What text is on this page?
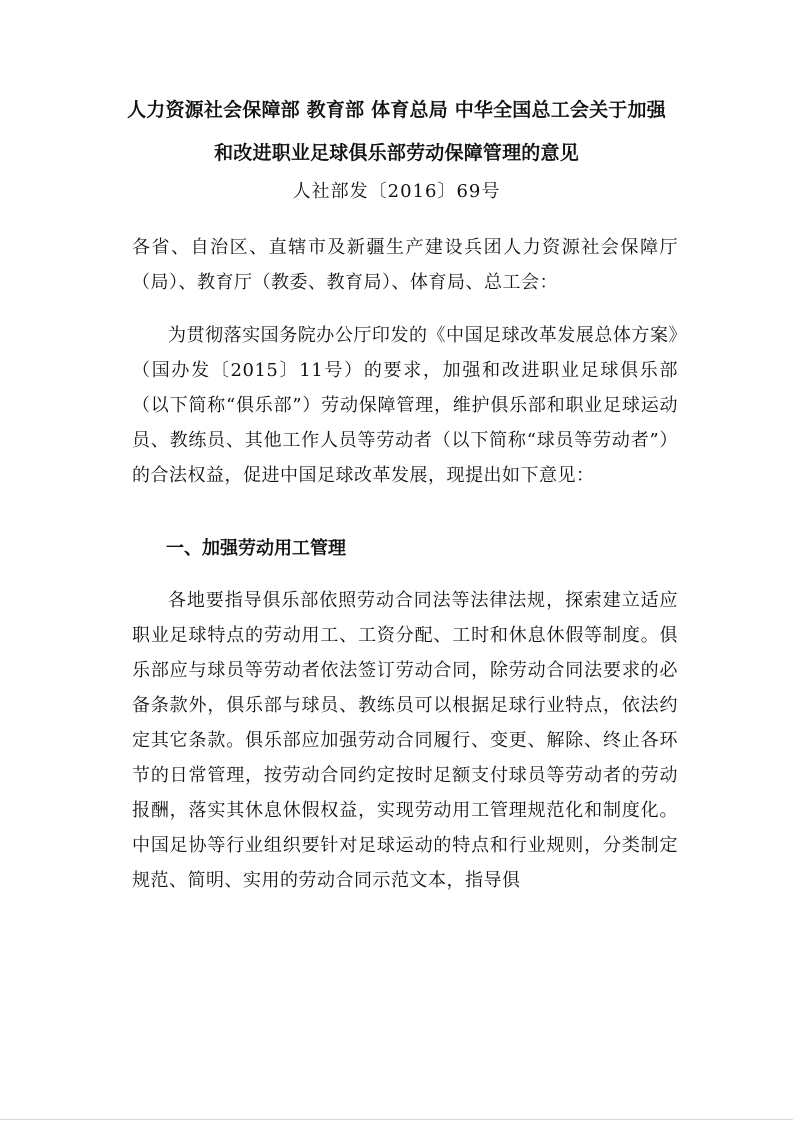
人力资源社会保障部 教育部 体育总局 中华全国总工会关于加强
和改进职业足球俱乐部劳动保障管理的意见
人社部发〔2016〕69号
各省、自治区、直辖市及新疆生产建设兵团人力资源社会保障厅（局）、教育厅（教委、教育局）、体育局、总工会：
为贯彻落实国务院办公厅印发的《中国足球改革发展总体方案》（国办发〔2015〕11号）的要求，加强和改进职业足球俱乐部（以下简称“俱乐部”）劳动保障管理，维护俱乐部和职业足球运动员、教练员、其他工作人员等劳动者（以下简称“球员等劳动者”）的合法权益，促进中国足球改革发展，现提出如下意见：
一、加强劳动用工管理
各地要指导俱乐部依照劳动合同法等法律法规，探索建立适应职业足球特点的劳动用工、工资分配、工时和休息休假等制度。俱乐部应与球员等劳动者依法签订劳动合同，除劳动合同法要求的必备条款外，俱乐部与球员、教练员可以根据足球行业特点，依法约定其它条款。俱乐部应加强劳动合同履行、变更、解除、终止各环节的日常管理，按劳动合同约定按时足额支付球员等劳动者的劳动报酬，落实其休息休假权益，实现劳动用工管理规范化和制度化。中国足协等行业组织要针对足球运动的特点和行业规则，分类制定规范、简明、实用的劳动合同示范文本，指导俱
